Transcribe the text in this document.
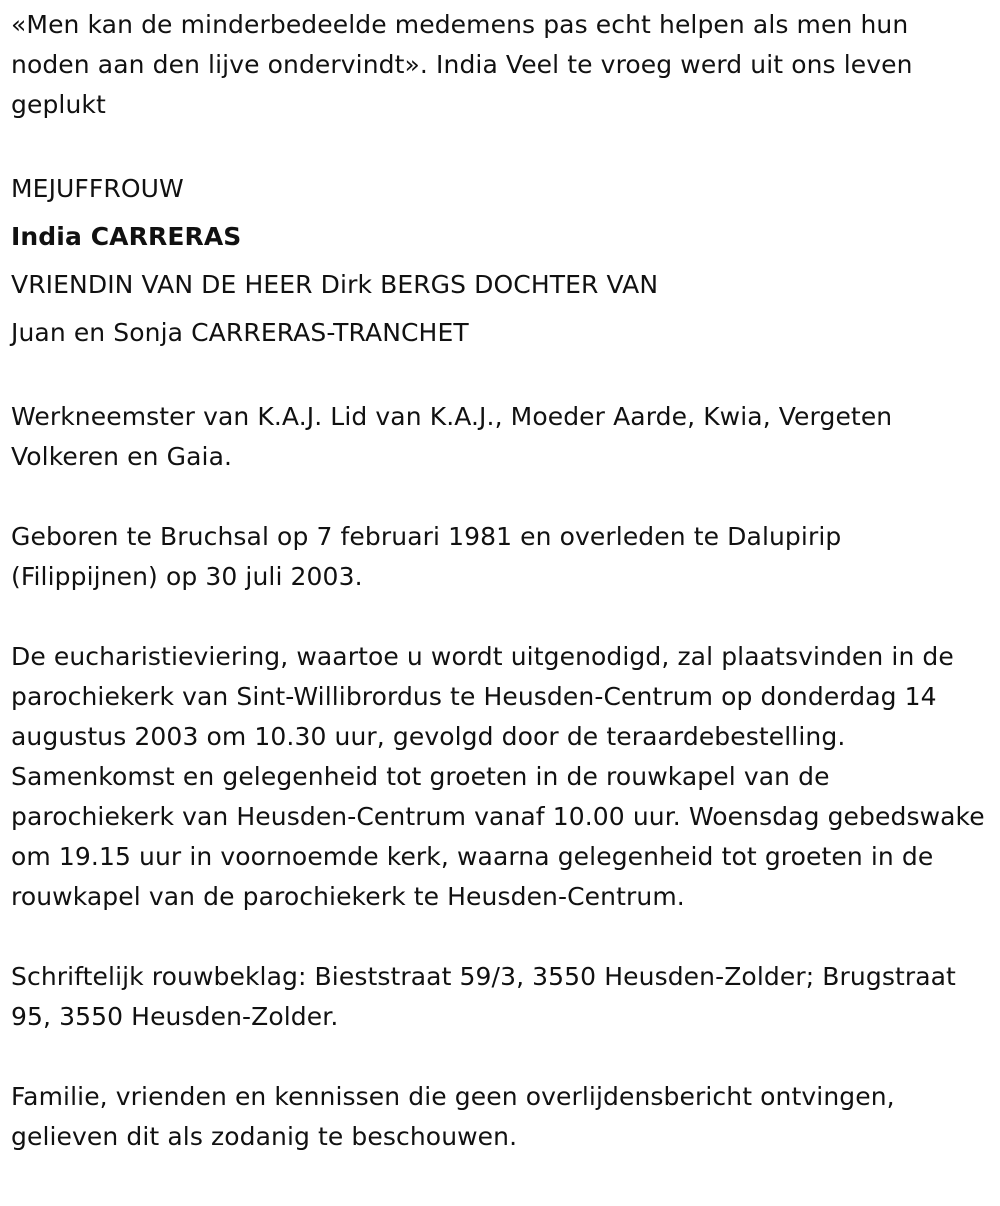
«Men kan de minderbedeelde medemens pas echt helpen als men hun noden aan den lijve ondervindt». India Veel te vroeg werd uit ons leven geplukt

MEJUFFROUW

India CARRERAS

VRIENDIN VAN DE HEER Dirk BERGS DOCHTER VAN

Juan en Sonja CARRERAS-TRANCHET

Werkneemster van K.A.J. Lid van K.A.J., Moeder Aarde, Kwia, Vergeten Volkeren en Gaia.

Geboren te Bruchsal op 7 februari 1981 en overleden te Dalupirip (Filippijnen) op 30 juli 2003.

De eucharistieviering, waartoe u wordt uitgenodigd, zal plaatsvinden in de parochiekerk van Sint-Willibrordus te Heusden-Centrum op donderdag 14 augustus 2003 om 10.30 uur, gevolgd door de teraardebestelling. Samenkomst en gelegenheid tot groeten in de rouwkapel van de parochiekerk van Heusden-Centrum vanaf 10.00 uur. Woensdag gebedswake om 19.15 uur in voornoemde kerk, waarna gelegenheid tot groeten in de rouwkapel van de parochiekerk te Heusden-Centrum.

Schriftelijk rouwbeklag: Bieststraat 59/3, 3550 Heusden-Zolder; Brugstraat 95, 3550 Heusden-Zolder.

Familie, vrienden en kennissen die geen overlijdensbericht ontvingen, gelieven dit als zodanig te beschouwen.
